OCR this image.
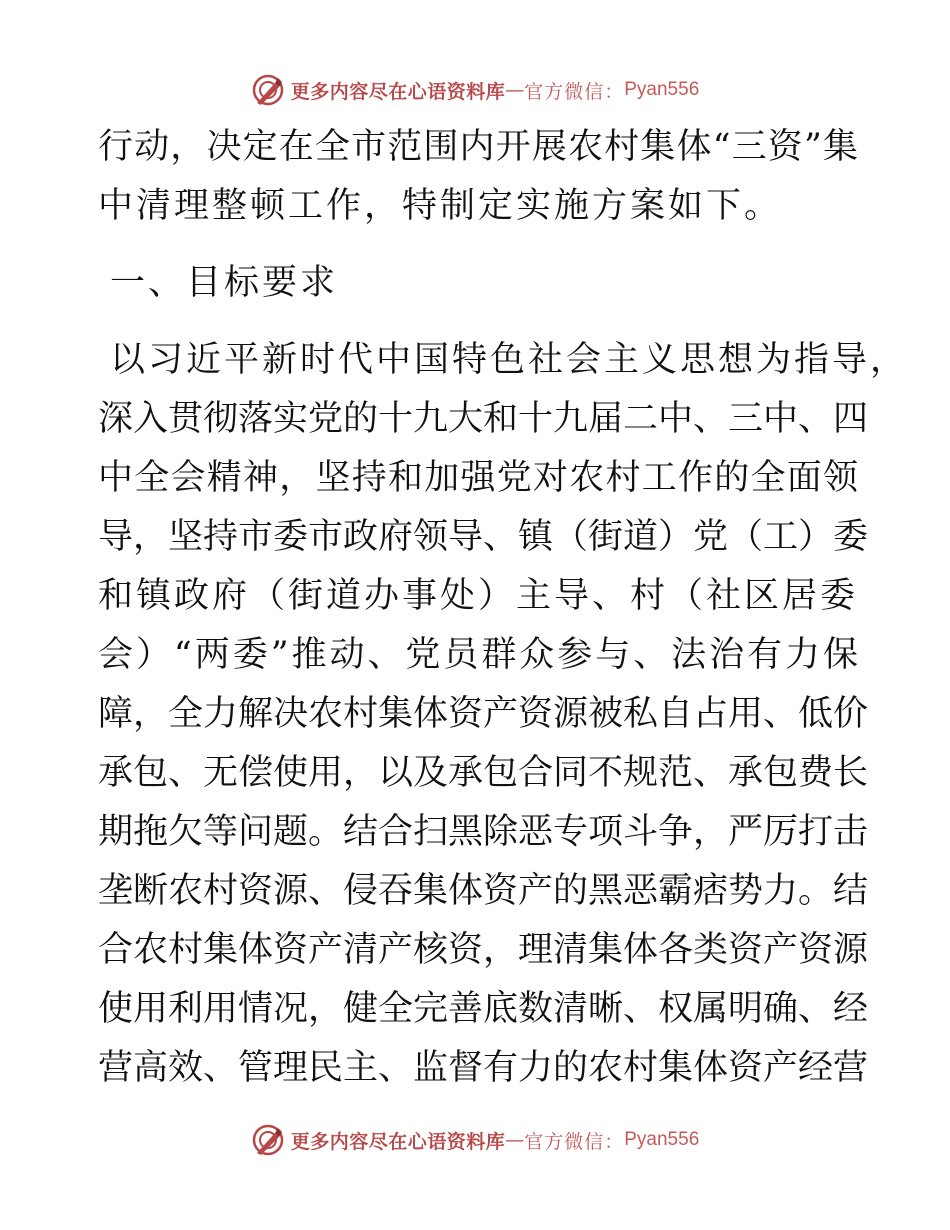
更多内容尽在心语资料库 — 官方微信： Pyan556
行动，决定在全市范围内开展农村集体“三资”集
中清理整顿工作，特制定实施方案如下。
一、目标要求
以习近平新时代中国特色社会主义思想为指导，
深入贯彻落实党的十九大和十九届二中、三中、四
中全会精神，坚持和加强党对农村工作的全面领
导，坚持市委市政府领导、镇（街道）党（工）委
和镇政府（街道办事处）主导、村（社区居委
会）“两委”推动、党员群众参与、法治有力保
障，全力解决农村集体资产资源被私自占用、低价
承包、无偿使用，以及承包合同不规范、承包费长
期拖欠等问题。结合扫黑除恶专项斗争，严厉打击
垄断农村资源、侵吞集体资产的黑恶霸痞势力。结
合农村集体资产清产核资，理清集体各类资产资源
使用利用情况，健全完善底数清晰、权属明确、经
营高效、管理民主、监督有力的农村集体资产经营
更多内容尽在心语资料库 — 官方微信： Pyan556
